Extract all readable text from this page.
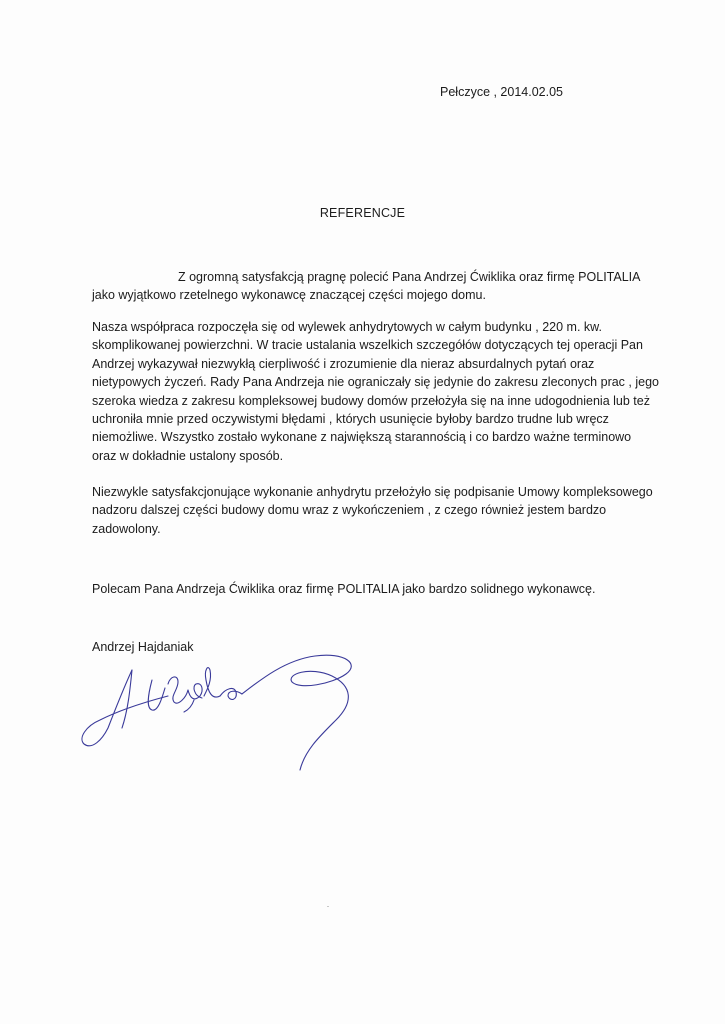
Pełczyce , 2014.02.05
REFERENCJE
Z ogromną satysfakcją pragnę polecić Pana Andrzej Ćwiklika oraz firmę POLITALIA
jako wyjątkowo rzetelnego wykonawcę znaczącej części mojego domu.
Nasza współpraca rozpoczęła się od wylewek anhydrytowych w całym budynku , 220 m. kw.
skomplikowanej powierzchni. W tracie ustalania wszelkich szczegółów dotyczących tej operacji Pan
Andrzej wykazywał niezwykłą cierpliwość i zrozumienie dla nieraz absurdalnych pytań oraz
nietypowych życzeń. Rady Pana Andrzeja nie ograniczały się jedynie do zakresu zleconych prac , jego
szeroka wiedza z zakresu kompleksowej budowy domów przełożyła się na inne udogodnienia lub też
uchroniła mnie przed oczywistymi błędami , których usunięcie byłoby bardzo trudne lub wręcz
niemożliwe. Wszystko zostało wykonane z największą starannością i co bardzo ważne terminowo
oraz w dokładnie ustalony sposób.
Niezwykle satysfakcjonujące wykonanie anhydrytu przełożyło się podpisanie Umowy kompleksowego
nadzoru dalszej części budowy domu wraz z wykończeniem , z czego również jestem bardzo
zadowolony.
Polecam Pana Andrzeja Ćwiklika oraz firmę POLITALIA jako bardzo solidnego wykonawcę.
Andrzej Hajdaniak
